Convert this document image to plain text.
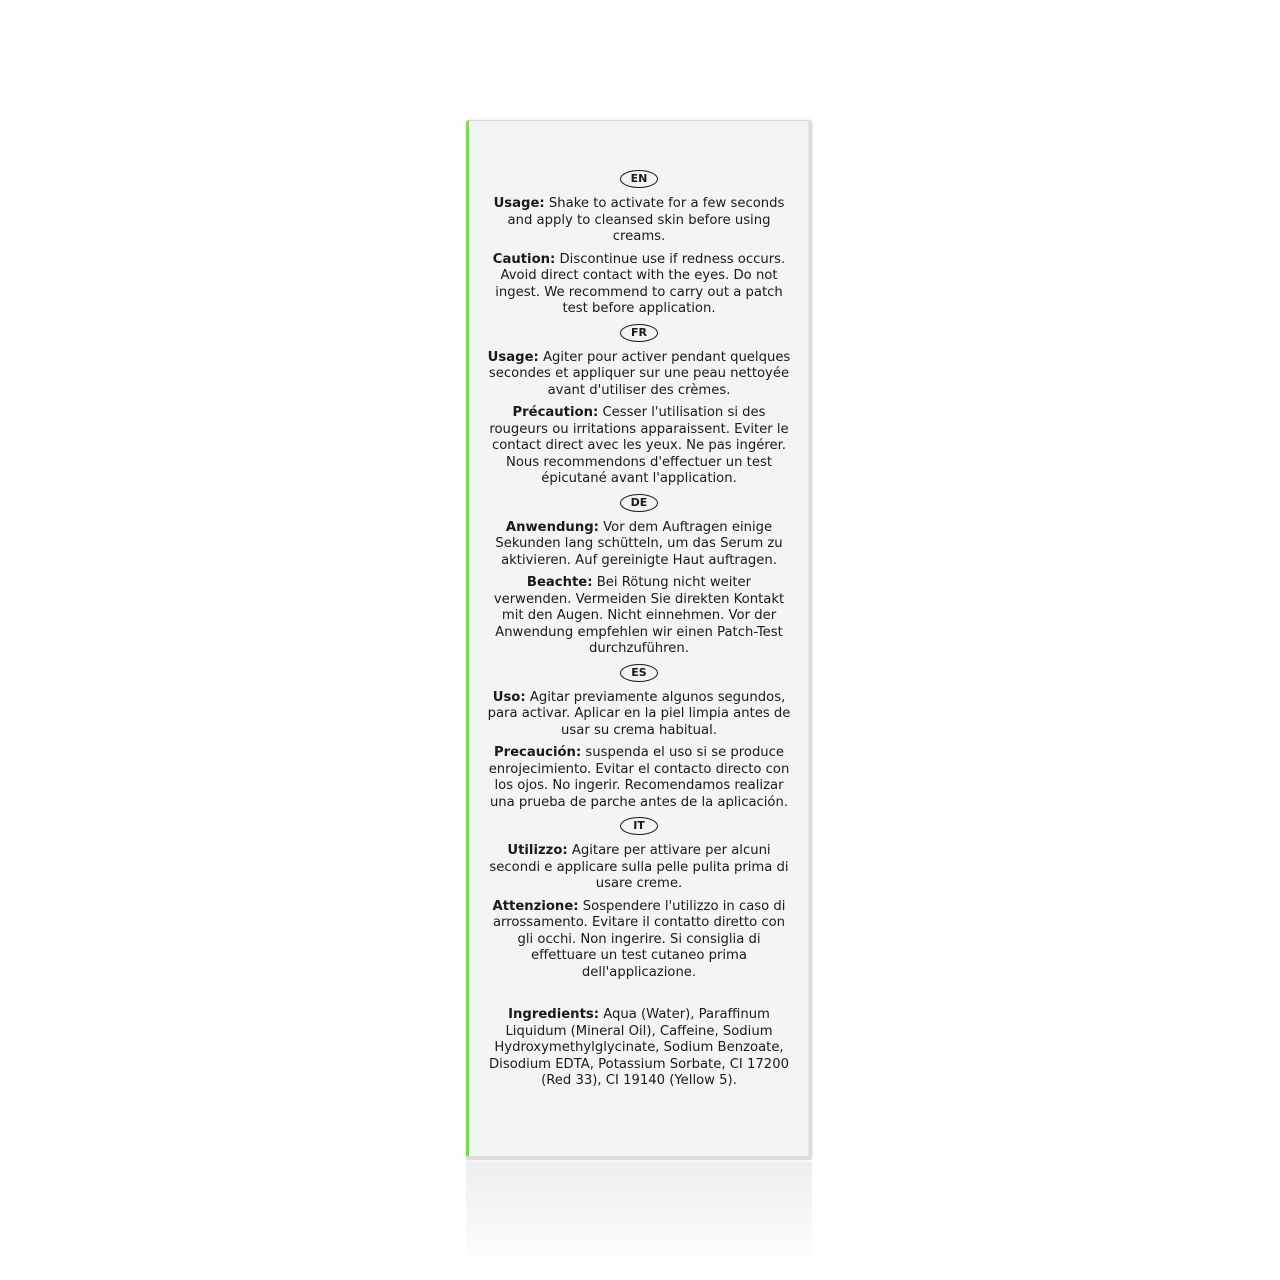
EN

Usage: Shake to activate for a few seconds and apply to cleansed skin before using creams.

Caution: Discontinue use if redness occurs. Avoid direct contact with the eyes. Do not ingest. We recommend to carry out a patch test before application.

FR

Usage: Agiter pour activer pendant quelques secondes et appliquer sur une peau nettoyée avant d'utiliser des crèmes.

Précaution: Cesser l'utilisation si des rougeurs ou irritations apparaissent. Eviter le contact direct avec les yeux. Ne pas ingérer. Nous recommendons d'effectuer un test épicutané avant l'application.

DE

Anwendung: Vor dem Auftragen einige Sekunden lang schütteln, um das Serum zu aktivieren. Auf gereinigte Haut auftragen.

Beachte: Bei Rötung nicht weiter verwenden. Vermeiden Sie direkten Kontakt mit den Augen. Nicht einnehmen. Vor der Anwendung empfehlen wir einen Patch-Test durchzuführen.

ES

Uso: Agitar previamente algunos segundos, para activar. Aplicar en la piel limpia antes de usar su crema habitual.

Precaución: suspenda el uso si se produce enrojecimiento. Evitar el contacto directo con los ojos. No ingerir. Recomendamos realizar una prueba de parche antes de la aplicación.

IT

Utilizzo: Agitare per attivare per alcuni secondi e applicare sulla pelle pulita prima di usare creme.

Attenzione: Sospendere l'utilizzo in caso di arrossamento. Evitare il contatto diretto con gli occhi. Non ingerire. Si consiglia di effettuare un test cutaneo prima dell'applicazione.

Ingredients: Aqua (Water), Paraffinum Liquidum (Mineral Oil), Caffeine, Sodium Hydroxymethylglycinate, Sodium Benzoate, Disodium EDTA, Potassium Sorbate, CI 17200 (Red 33), CI 19140 (Yellow 5).
